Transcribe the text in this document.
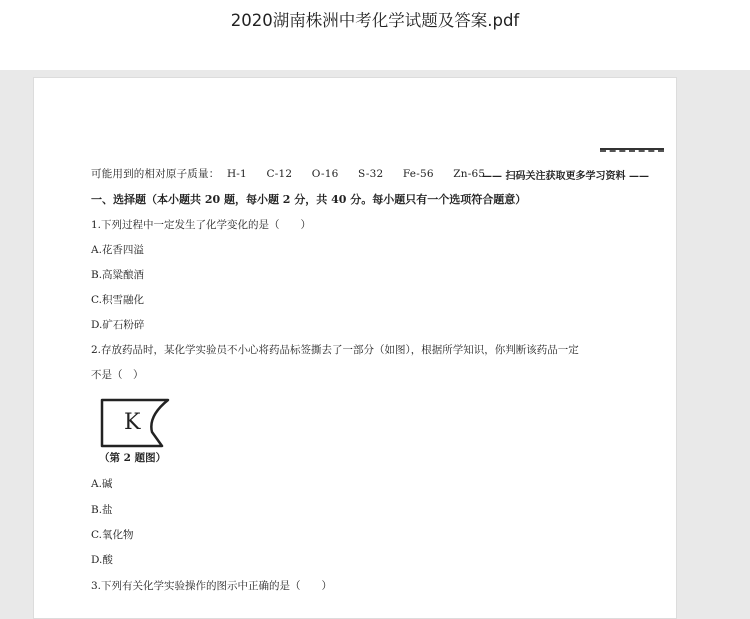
2020湖南株洲中考化学试题及答案.pdf
可能用到的相对原子质量： H-1 C-12 O-16 S-32 Fe-56 Zn-65
—— 扫码关注获取更多学习资料 ——
一、选择题（本小题共 20 题，每小题 2 分，共 40 分。每小题只有一个选项符合题意）
1.下列过程中一定发生了化学变化的是（　　）
A.花香四溢
B.高粱酿酒
C.积雪融化
D.矿石粉碎
2.存放药品时，某化学实验员不小心将药品标签撕去了一部分（如图），根据所学知识，你判断该药品一定
不是（　）
K
（第 2 题图）
A.碱
B.盐
C.氧化物
D.酸
3.下列有关化学实验操作的图示中正确的是（　　）
